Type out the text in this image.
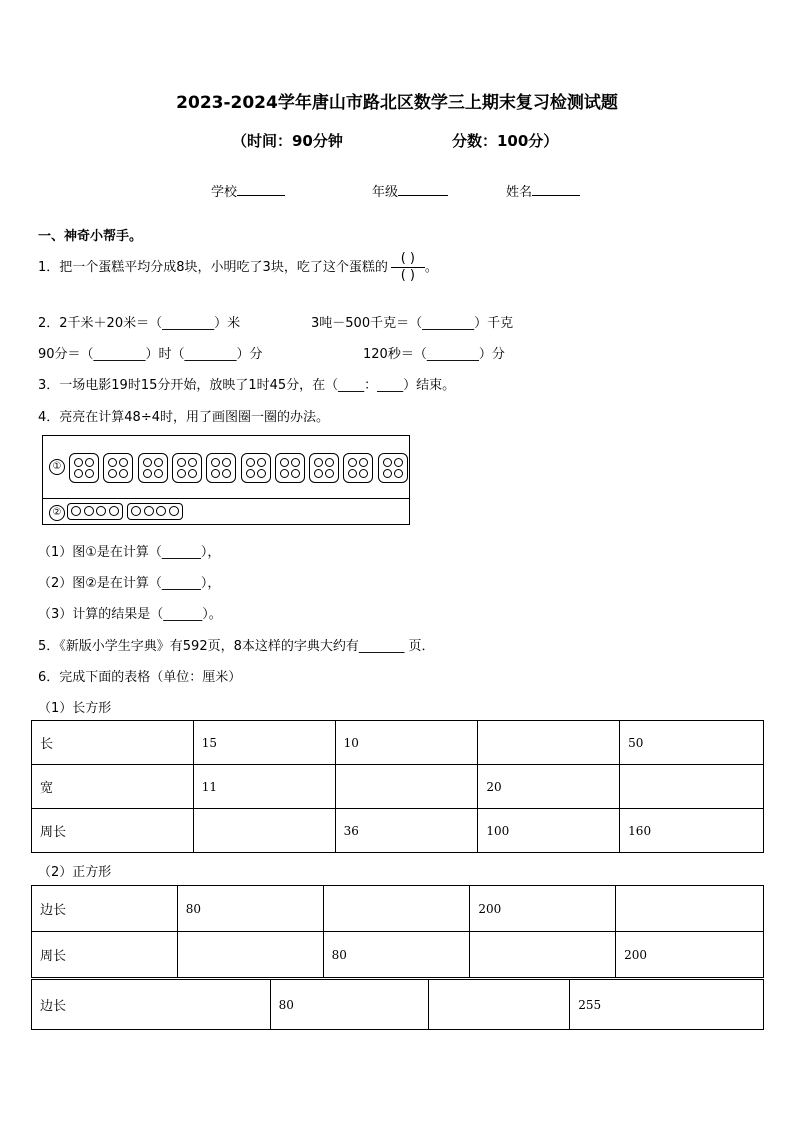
2023-2024学年唐山市路北区数学三上期末复习检测试题
（时间：90分钟	分数：100分）
学校	年级	姓名
一、神奇小帮手。
1．把一个蛋糕平均分成8块，小明吃了3块，吃了这个蛋糕的 $\frac{( )}{( )}$ 。
2．2千米＋20米＝（________）米	3吨－500千克＝（________）千克
90分＝（________）时（________）分	120秒＝（________）分
3．一场电影19时15分开始，放映了1时45分，在（____：____）结束。
4．亮亮在计算48÷4时，用了画图圈一圈的办法。
①
②
（1）图①是在计算（______），
（2）图②是在计算（______），
（3）计算的结果是（______）。
5．《新版小学生字典》有592页，8本这样的字典大约有_______ 页．
6．完成下面的表格（单位：厘米）
（1）长方形
长	15	10		50
宽	11		20	
周长		36	100	160
（2）正方形
边长	80		200	
周长		80		200
边长	80		255
